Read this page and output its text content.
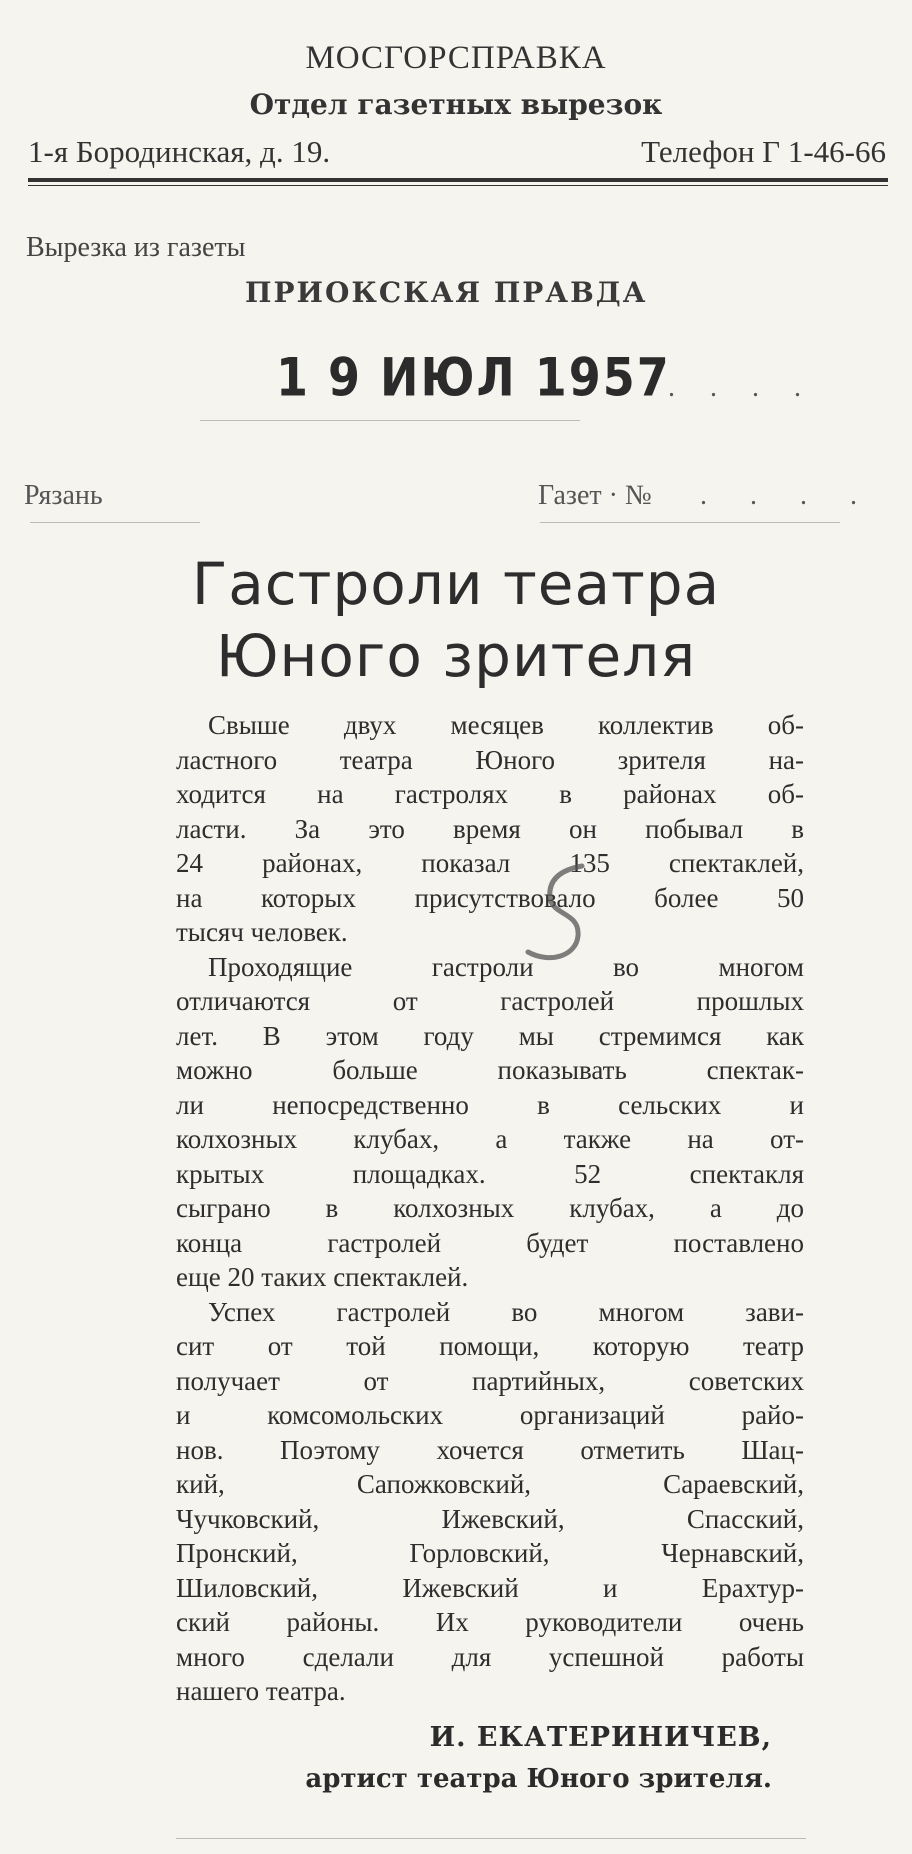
МОСГОРСПРАВКА
Отдел газетных вырезок
1-я Бородинская, д. 19.	Телефон Г 1-46-66
Вырезка из газеты
ПРИОКСКАЯ ПРАВДА
1 9 ИЮЛ 1957
. . . .
Рязань	Газет · № . . . .
Гастроли театра
Юного зрителя
Свыше двух месяцев коллектив об-
ластного театра Юного зрителя на-
ходится на гастролях в районах об-
ласти. За это время он побывал в
24 районах, показал 135 спектаклей,
на которых присутствовало более 50
тысяч человек.
Проходящие гастроли во многом
отличаются от гастролей прошлых
лет. В этом году мы стремимся как
можно больше показывать спектак-
ли непосредственно в сельских и
колхозных клубах, а также на от-
крытых площадках. 52 спектакля
сыграно в колхозных клубах, а до
конца гастролей будет поставлено
еще 20 таких спектаклей.
Успех гастролей во многом зави-
сит от той помощи, которую театр
получает от партийных, советских
и комсомольских организаций райо-
нов. Поэтому хочется отметить Шац-
кий, Сапожковский, Сараевский,
Чучковский, Ижевский, Спасский,
Пронский, Горловский, Чернавский,
Шиловский, Ижевский и Ерахтур-
ский районы. Их руководители очень
много сделали для успешной работы
нашего театра.
И. ЕКАТЕРИНИЧЕВ,
артист театра Юного зрителя.
